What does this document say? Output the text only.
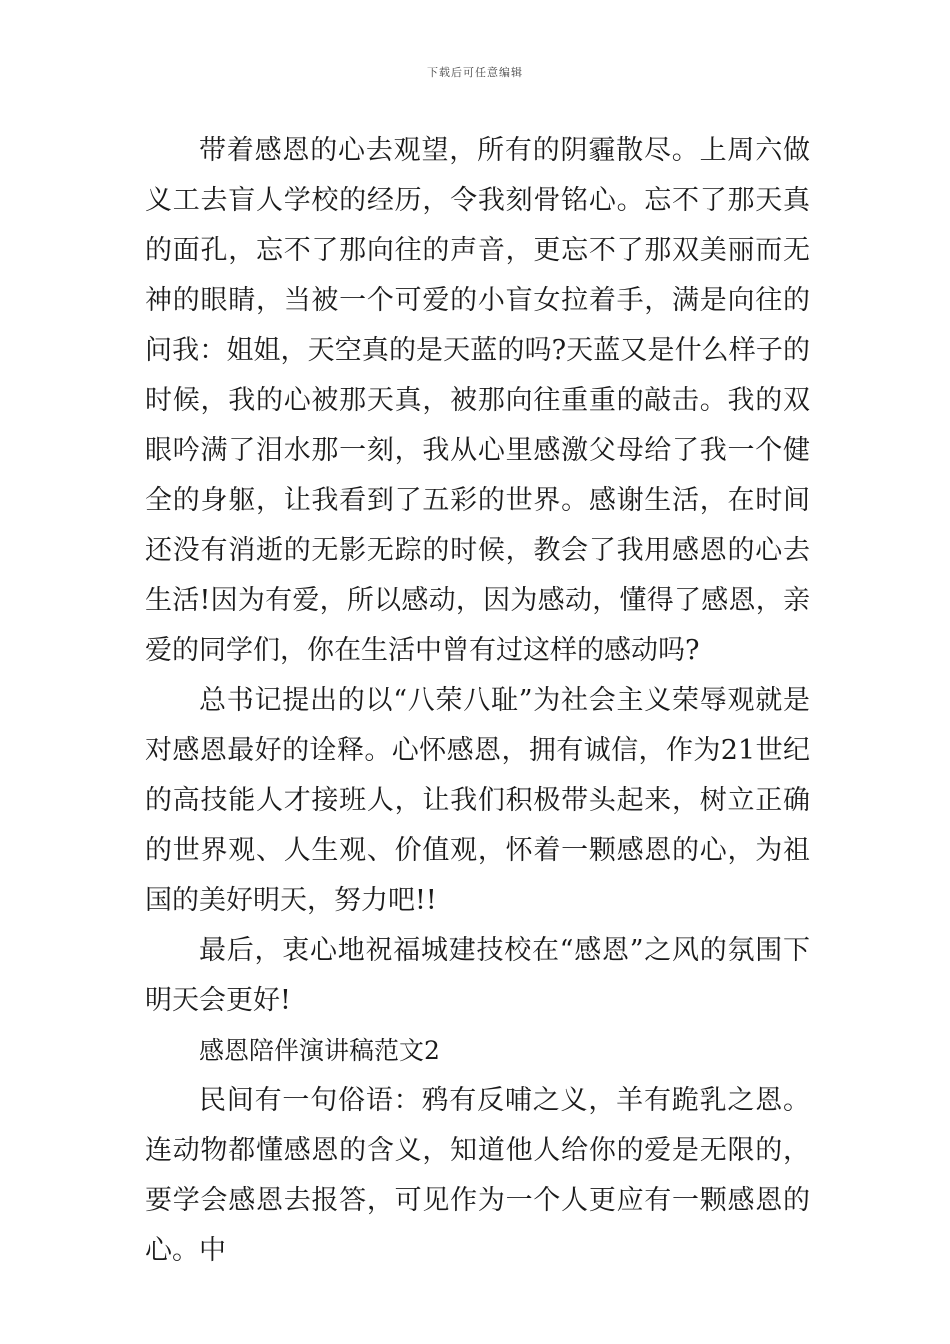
下载后可任意编辑

带着感恩的心去观望，所有的阴霾散尽。上周六做义工去盲人学校的经历，令我刻骨铭心。忘不了那天真的面孔，忘不了那向往的声音，更忘不了那双美丽而无神的眼睛，当被一个可爱的小盲女拉着手，满是向往的问我：姐姐，天空真的是天蓝的吗?天蓝又是什么样子的时候，我的心被那天真，被那向往重重的敲击。我的双眼吟满了泪水那一刻，我从心里感激父母给了我一个健全的身躯，让我看到了五彩的世界。感谢生活，在时间还没有消逝的无影无踪的时候，教会了我用感恩的心去生活!因为有爱，所以感动，因为感动，懂得了感恩，亲爱的同学们，你在生活中曾有过这样的感动吗?

总书记提出的以“八荣八耻”为社会主义荣辱观就是对感恩最好的诠释。心怀感恩，拥有诚信，作为21世纪的高技能人才接班人，让我们积极带头起来，树立正确的世界观、人生观、价值观，怀着一颗感恩的心，为祖国的美好明天，努力吧!!

最后，衷心地祝福城建技校在“感恩”之风的氛围下明天会更好!

感恩陪伴演讲稿范文2

民间有一句俗语：鸦有反哺之义，羊有跪乳之恩。连动物都懂感恩的含义，知道他人给你的爱是无限的，要学会感恩去报答，可见作为一个人更应有一颗感恩的心。中
